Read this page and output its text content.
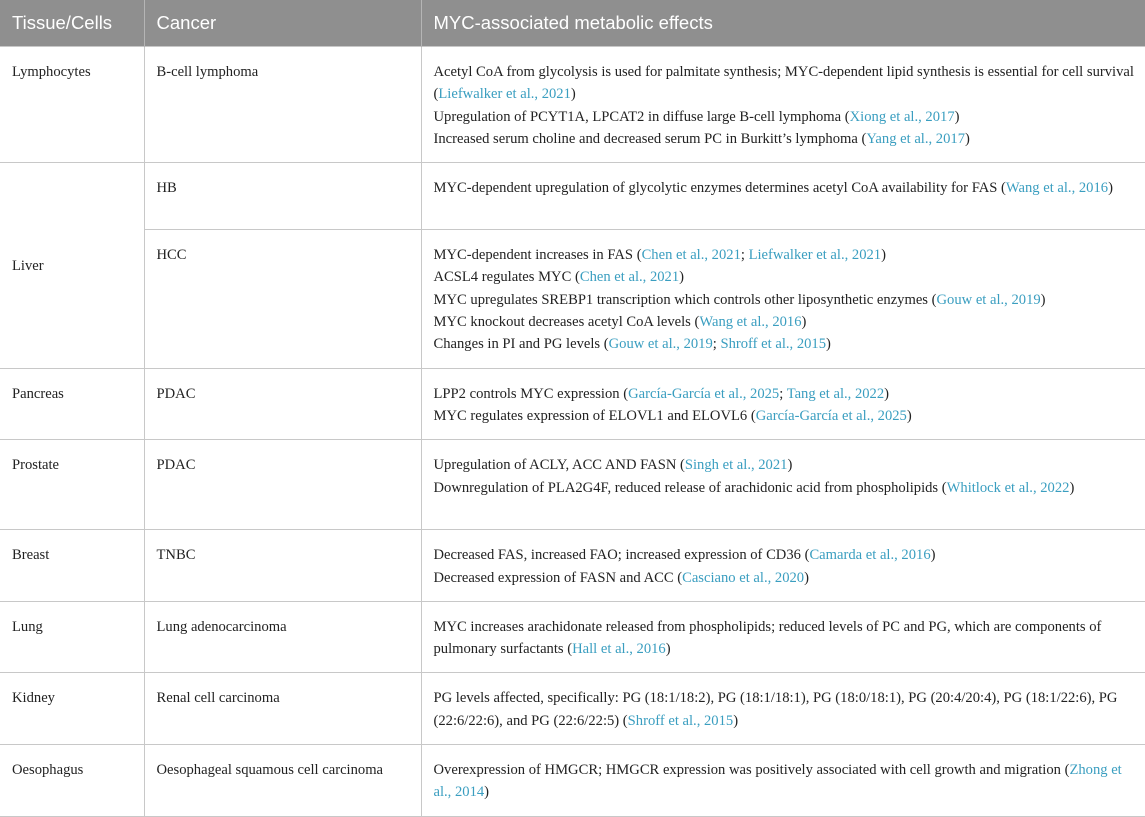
Tissue/Cells	Cancer	MYC-associated metabolic effects
Lymphocytes	B-cell lymphoma	Acetyl CoA from glycolysis is used for palmitate synthesis; MYC-dependent lipid synthesis is essential for cell survival (Liefwalker et al., 2021)
Upregulation of PCYT1A, LPCAT2 in diffuse large B-cell lymphoma (Xiong et al., 2017)
Increased serum choline and decreased serum PC in Burkitt’s lymphoma (Yang et al., 2017)

Liver	HB	MYC-dependent upregulation of glycolytic enzymes determines acetyl CoA availability for FAS (Wang et al., 2016)

	HCC	MYC-dependent increases in FAS (Chen et al., 2021; Liefwalker et al., 2021)
ACSL4 regulates MYC (Chen et al., 2021)
MYC upregulates SREBP1 transcription which controls other liposynthetic enzymes (Gouw et al., 2019)
MYC knockout decreases acetyl CoA levels (Wang et al., 2016)
Changes in PI and PG levels (Gouw et al., 2019; Shroff et al., 2015)

Pancreas	PDAC	LPP2 controls MYC expression (García-García et al., 2025; Tang et al., 2022)
MYC regulates expression of ELOVL1 and ELOVL6 (García-García et al., 2025)

Prostate	PDAC	Upregulation of ACLY, ACC AND FASN (Singh et al., 2021)
Downregulation of PLA2G4F, reduced release of arachidonic acid from phospholipids (Whitlock et al., 2022)

Breast	TNBC	Decreased FAS, increased FAO; increased expression of CD36 (Camarda et al., 2016)
Decreased expression of FASN and ACC (Casciano et al., 2020)

Lung	Lung adenocarcinoma	MYC increases arachidonate released from phospholipids; reduced levels of PC and PG, which are components of pulmonary surfactants (Hall et al., 2016)

Kidney	Renal cell carcinoma	PG levels affected, specifically: PG (18:1/18:2), PG (18:1/18:1), PG (18:0/18:1), PG (20:4/20:4), PG (18:1/22:6), PG (22:6/22:6), and PG (22:6/22:5) (Shroff et al., 2015)

Oesophagus	Oesophageal squamous cell carcinoma	Overexpression of HMGCR; HMGCR expression was positively associated with cell growth and migration (Zhong et al., 2014)
